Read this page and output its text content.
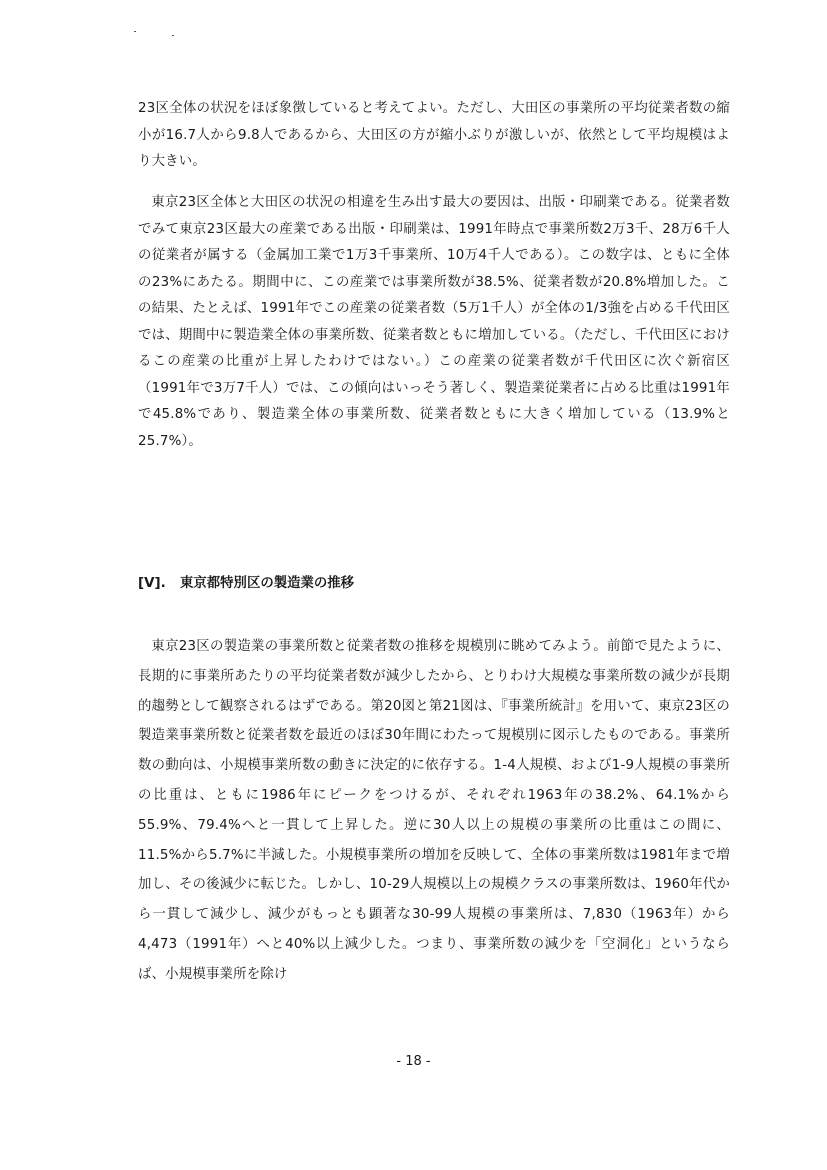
23区全体の状況をほぼ象徴していると考えてよい。ただし、大田区の事業所の平均従業者数の縮小が16.7人から9.8人であるから、大田区の方が縮小ぶりが激しいが、依然として平均規模はより大きい。

東京23区全体と大田区の状況の相違を生み出す最大の要因は、出版・印刷業である。従業者数でみて東京23区最大の産業である出版・印刷業は、1991年時点で事業所数2万3千、28万6千人の従業者が属する（金属加工業で1万3千事業所、10万4千人である）。この数字は、ともに全体の23%にあたる。期間中に、この産業では事業所数が38.5%、従業者数が20.8%増加した。この結果、たとえば、1991年でこの産業の従業者数（5万1千人）が全体の1/3強を占める千代田区では、期間中に製造業全体の事業所数、従業者数ともに増加している。（ただし、千代田区におけるこの産業の比重が上昇したわけではない。）この産業の従業者数が千代田区に次ぐ新宿区（1991年で3万7千人）では、この傾向はいっそう著しく、製造業従業者に占める比重は1991年で45.8%であり、製造業全体の事業所数、従業者数ともに大きく増加している（13.9%と25.7%）。

[Ⅴ]. 東京都特別区の製造業の推移

東京23区の製造業の事業所数と従業者数の推移を規模別に眺めてみよう。前節で見たように、長期的に事業所あたりの平均従業者数が減少したから、とりわけ大規模な事業所数の減少が長期的趨勢として観察されるはずである。第20図と第21図は、『事業所統計』を用いて、東京23区の製造業事業所数と従業者数を最近のほぼ30年間にわたって規模別に図示したものである。事業所数の動向は、小規模事業所数の動きに決定的に依存する。1-4人規模、および1-9人規模の事業所の比重は、ともに1986年にピークをつけるが、それぞれ1963年の38.2%、64.1%から55.9%、79.4%へと一貫して上昇した。逆に30人以上の規模の事業所の比重はこの間に、11.5%から5.7%に半減した。小規模事業所の増加を反映して、全体の事業所数は1981年まで増加し、その後減少に転じた。しかし、10-29人規模以上の規模クラスの事業所数は、1960年代から一貫して減少し、減少がもっとも顕著な30-99人規模の事業所は、7,830（1963年）から4,473（1991年）へと40%以上減少した。つまり、事業所数の減少を「空洞化」というならば、小規模事業所を除け

- 18 -
